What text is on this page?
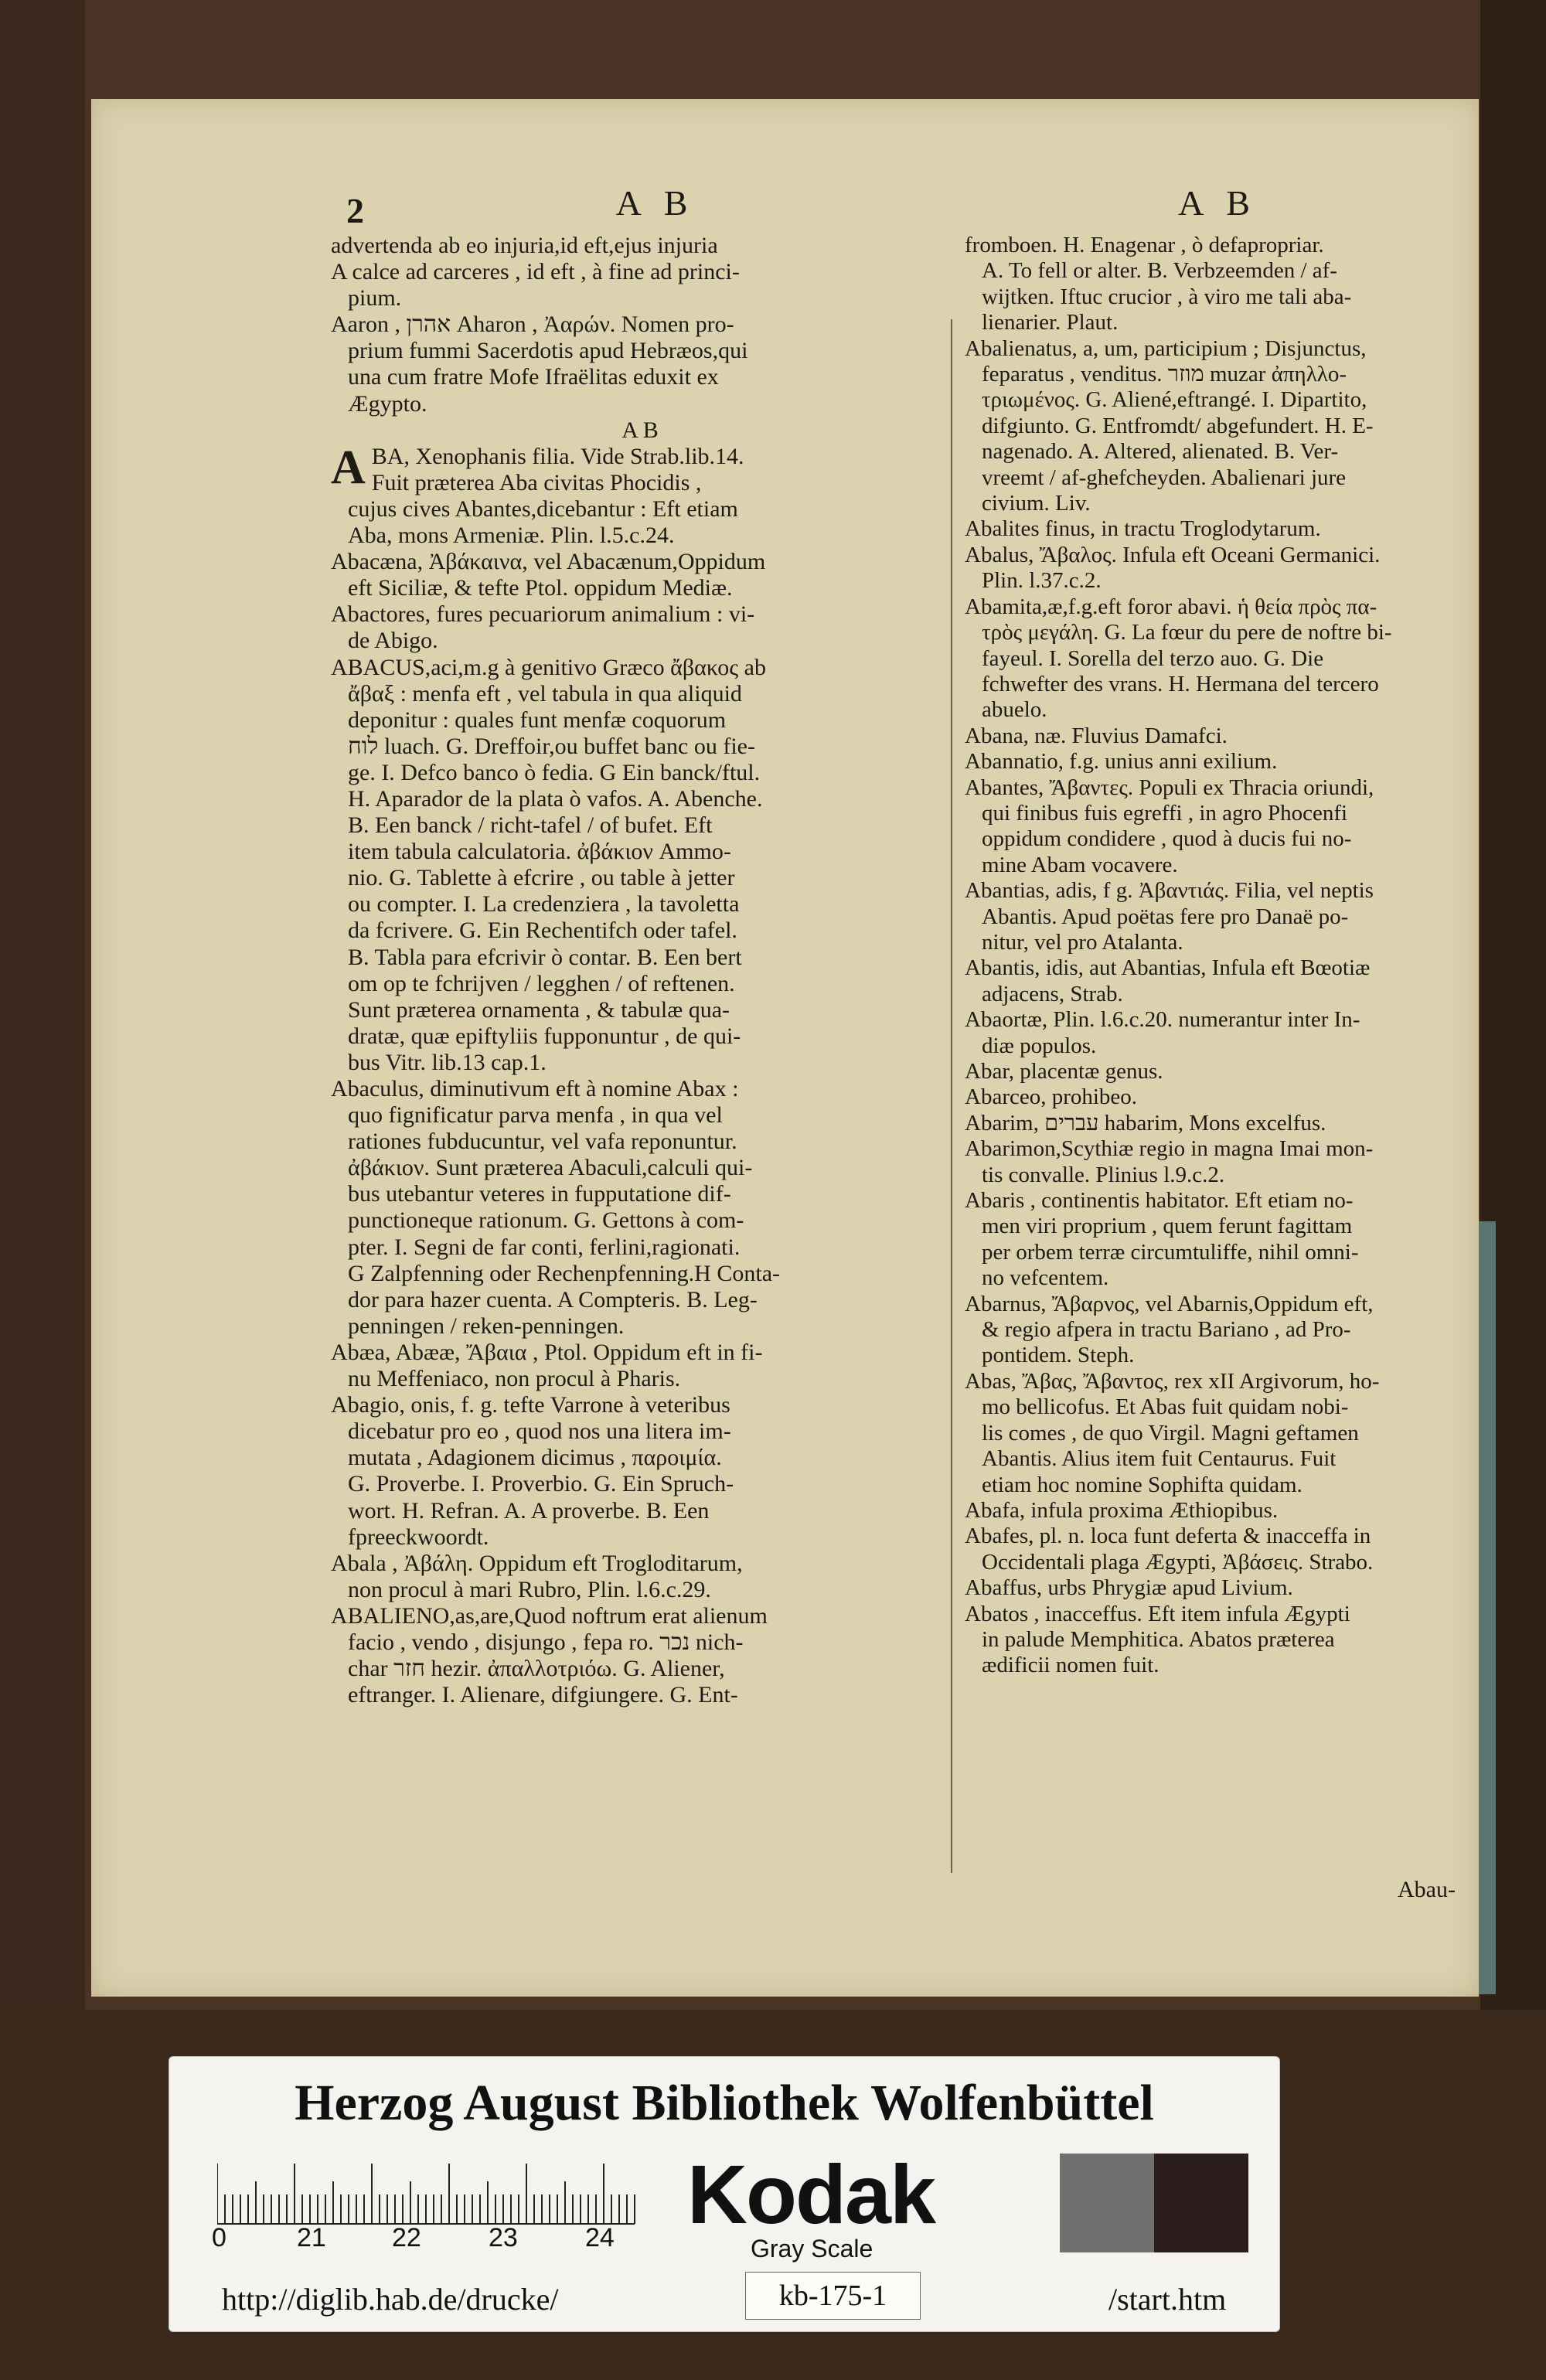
2	A B
advertenda ab eo injuria,id eft,ejus injuria
A calce ad carceres , id eft , à fine ad princi-
pium.
Aaron , אהרן Aharon , Ἀαρών. Nomen pro-
prium fummi Sacerdotis apud Hebræos,qui
una cum fratre Mofe Ifraëlitas eduxit ex
Ægypto.
A B
A BA, Xenophanis filia. Vide Strab.lib.14.
Fuit præterea Aba civitas Phocidis ,
cujus cives Abantes,dicebantur : Eft etiam
Aba, mons Armeniæ. Plin. l.5.c.24.
Abacæna, Ἀβάκαινα, vel Abacænum,Oppidum
eft Siciliæ, & tefte Ptol. oppidum Mediæ.
Abactores, fures pecuariorum animalium : vi-
de Abigo.
ABACUS,aci,m.g à genitivo Græco ἄβακος ab
ἄβαξ : menfa eft , vel tabula in qua aliquid
deponitur : quales funt menfæ coquorum
לוח luach. G. Dreffoir,ou buffet banc ou fie-
ge. I. Defco banco ò fedia. G Ein banck/ftul.
H. Aparador de la plata ò vafos. A. Abenche.
B. Een banck / richt-tafel / of bufet. Eft
item tabula calculatoria. ἀβάκιον Ammo-
nio. G. Tablette à efcrire , ou table à jetter
ou compter. I. La credenziera , la tavoletta
da fcrivere. G. Ein Rechentifch oder tafel.
B. Tabla para efcrivir ò contar. B. Een bert
om op te fchrijven / legghen / of reftenen.
Sunt præterea ornamenta , & tabulæ qua-
dratæ, quæ epiftyliis fupponuntur , de qui-
bus Vitr. lib.13 cap.1.
Abaculus, diminutivum eft à nomine Abax :
quo fignificatur parva menfa , in qua vel
rationes fubducuntur, vel vafa reponuntur.
ἀβάκιον. Sunt præterea Abaculi,calculi qui-
bus utebantur veteres in fupputatione dif-
punctioneque rationum. G. Gettons à com-
pter. I. Segni de far conti, ferlini,ragionati.
G Zalpfenning oder Rechenpfenning.H Conta-
dor para hazer cuenta. A Compteris. B. Leg-
penningen / reken-penningen.
Abæa, Abææ, Ἄβαια , Ptol. Oppidum eft in fi-
nu Meffeniaco, non procul à Pharis.
Abagio, onis, f. g. tefte Varrone à veteribus
dicebatur pro eo , quod nos una litera im-
mutata , Adagionem dicimus , παροιμία.
G. Proverbe. I. Proverbio. G. Ein Spruch-
wort. H. Refran. A. A proverbe. B. Een
fpreeckwoordt.
Abala , Ἀβάλη. Oppidum eft Trogloditarum,
non procul à mari Rubro, Plin. l.6.c.29.
ABALIENO,as,are,Quod noftrum erat alienum
facio , vendo , disjungo , fepa ro. נכר nich-
char חזר hezir. ἀπαλλοτριόω. G. Aliener,
eftranger. I. Alienare, difgiungere. G. Ent-
A B
fromboen. H. Enagenar , ò defapropriar.
A. To fell or alter. B. Verbzeemden / af-
wijtken. Iftuc crucior , à viro me tali aba-
lienarier. Plaut.
Abalienatus, a, um, participium ; Disjunctus,
feparatus , venditus. מוזר muzar ἀπηλλο-
τριωμένος. G. Aliené,eftrangé. I. Dipartito,
difgiunto. G. Entfromdt/ abgefundert. H. E-
nagenado. A. Altered, alienated. B. Ver-
vreemt / af-ghefcheyden. Abalienari jure
civium. Liv.
Abalites finus, in tractu Troglodytarum.
Abalus, Ἄβαλος. Infula eft Oceani Germanici.
Plin. l.37.c.2.
Abamita,æ,f.g.eft foror abavi. ἡ θεία πρὸς πα-
τρὸς μεγάλη. G. La fœur du pere de noftre bi-
fayeul. I. Sorella del terzo auo. G. Die
fchwefter des vrans. H. Hermana del tercero
abuelo.
Abana, næ. Fluvius Damafci.
Abannatio, f.g. unius anni exilium.
Abantes, Ἄβαντες. Populi ex Thracia oriundi,
qui finibus fuis egreffi , in agro Phocenfi
oppidum condidere , quod à ducis fui no-
mine Abam vocavere.
Abantias, adis, f g. Ἀβαντιάς. Filia, vel neptis
Abantis. Apud poëtas fere pro Danaë po-
nitur, vel pro Atalanta.
Abantis, idis, aut Abantias, Infula eft Bœotiæ
adjacens, Strab.
Abaortæ, Plin. l.6.c.20. numerantur inter In-
diæ populos.
Abar, placentæ genus.
Abarceo, prohibeo.
Abarim, עברים habarim, Mons excelfus.
Abarimon,Scythiæ regio in magna Imai mon-
tis convalle. Plinius l.9.c.2.
Abaris , continentis habitator. Eft etiam no-
men viri proprium , quem ferunt fagittam
per orbem terræ circumtuliffe, nihil omni-
no vefcentem.
Abarnus, Ἄβαρνος, vel Abarnis,Oppidum eft,
& regio afpera in tractu Bariano , ad Pro-
pontidem. Steph.
Abas, Ἄβας, Ἄβαντος, rex xII Argivorum, ho-
mo bellicofus. Et Abas fuit quidam nobi-
lis comes , de quo Virgil. Magni geftamen
Abantis. Alius item fuit Centaurus. Fuit
etiam hoc nomine Sophifta quidam.
Abafa, infula proxima Æthiopibus.
Abafes, pl. n. loca funt deferta & inacceffa in
Occidentali plaga Ægypti, Ἀβάσεις. Strabo.
Abaffus, urbs Phrygiæ apud Livium.
Abatos , inacceffus. Eft item infula Ægypti
in palude Memphitica. Abatos præterea
ædificii nomen fuit.
Abau-
Herzog August Bibliothek Wolfenbüttel
0	21	22	23	24 Kodak
Gray Scale
http://diglib.hab.de/drucke/	kb-175-1	/start.htm
